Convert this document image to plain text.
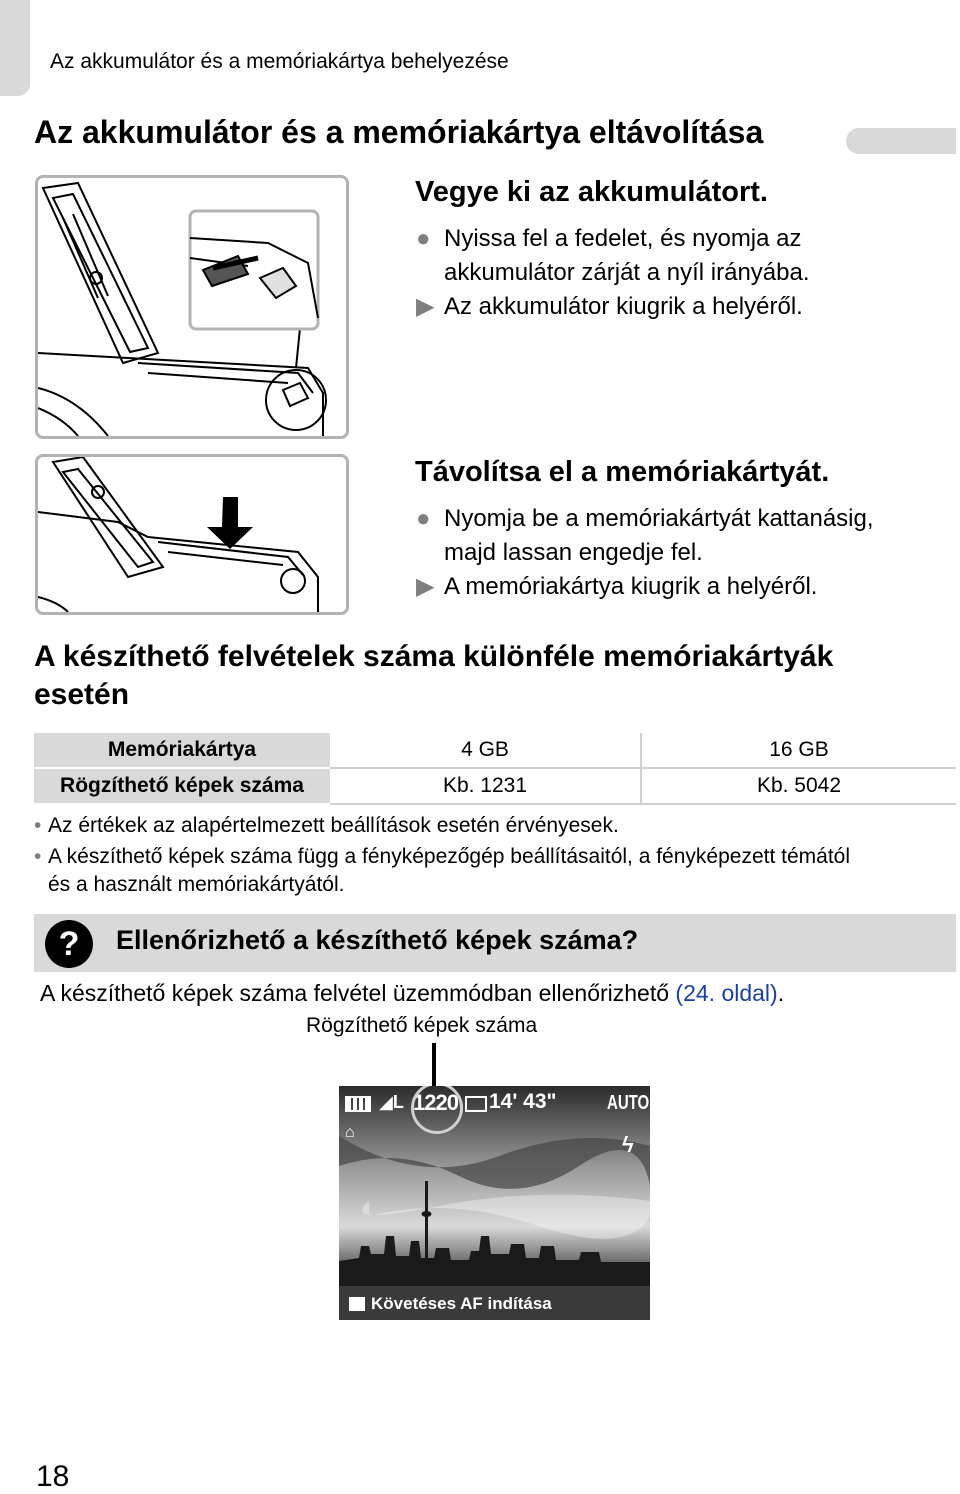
Az akkumulátor és a memóriakártya behelyezése
Az akkumulátor és a memóriakártya eltávolítása
Vegye ki az akkumulátort.
● Nyissa fel a fedelet, és nyomja az
akkumulátor zárját a nyíl irányába.
▶ Az akkumulátor kiugrik a helyéről.
Távolítsa el a memóriakártyát.
● Nyomja be a memóriakártyát kattanásig,
majd lassan engedje fel.
▶ A memóriakártya kiugrik a helyéről.
A készíthető felvételek száma különféle memóriakártyák esetén
Memóriakártya	4 GB	16 GB
Rögzíthető képek száma	Kb. 1231	Kb. 5042
• Az értékek az alapértelmezett beállítások esetén érvényesek.
• A készíthető képek száma függ a fényképezőgép beállításaitól, a fényképezett témától
és a használt memóriakártyától.
? Ellenőrizhető a készíthető képek száma?
A készíthető képek száma felvétel üzemmódban ellenőrizhető (24. oldal).
Rögzíthető képek száma
◢L 1220 14' 43"	AUTO
⌂	ϟ
Követéses AF indítása
18
